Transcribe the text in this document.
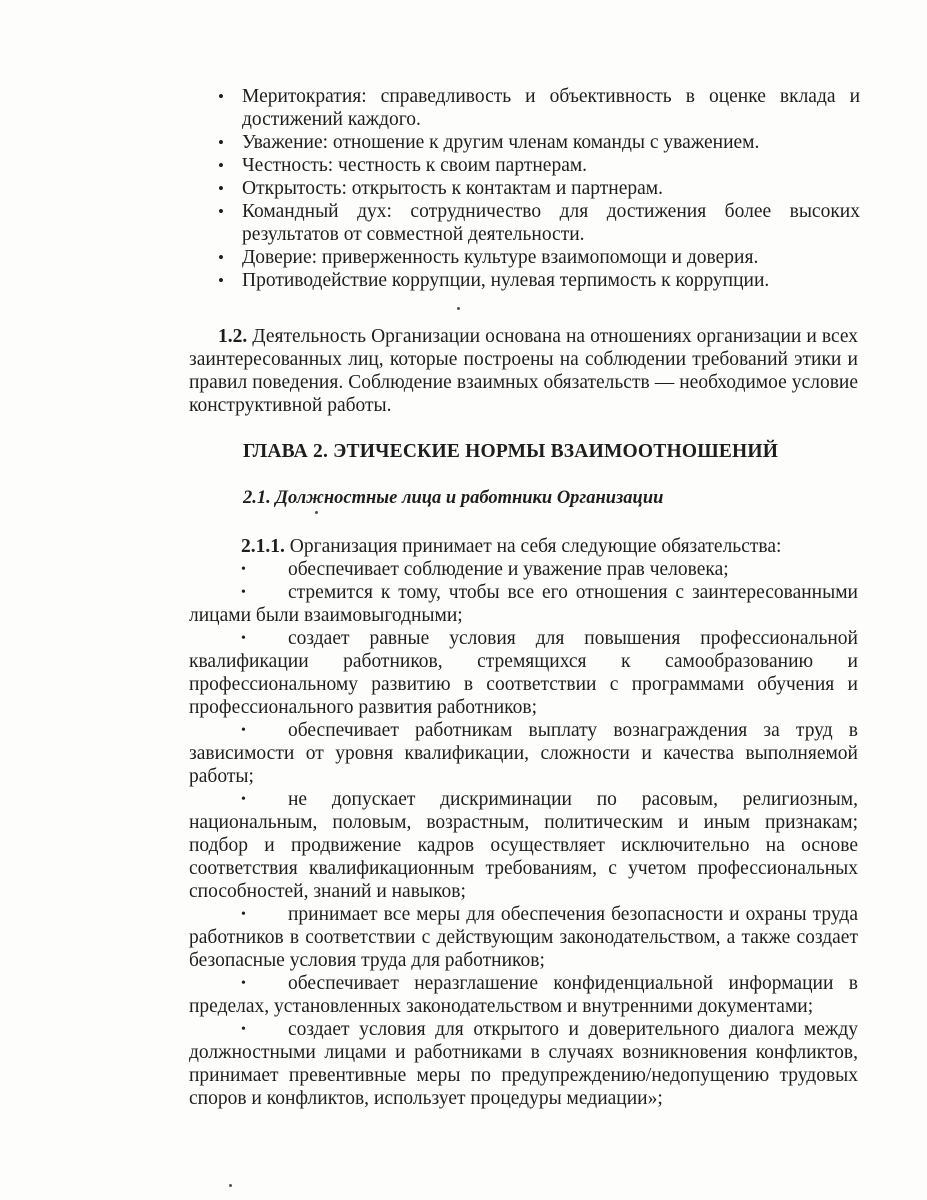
• Меритократия: справедливость и объективность в оценке вклада и достижений каждого.
• Уважение: отношение к другим членам команды с уважением.
• Честность: честность к своим партнерам.
• Открытость: открытость к контактам и партнерам.
• Командный дух: сотрудничество для достижения более высоких результатов от совместной деятельности.
• Доверие: приверженность культуре взаимопомощи и доверия.
• Противодействие коррупции, нулевая терпимость к коррупции.
1.2. Деятельность Организации основана на отношениях организации и всех заинтересованных лиц, которые построены на соблюдении требований этики и правил поведения. Соблюдение взаимных обязательств — необходимое условие конструктивной работы.
ГЛАВА 2. ЭТИЧЕСКИЕ НОРМЫ ВЗАИМООТНОШЕНИЙ
2.1. Должностные лица и работники Организации

2.1.1. Организация принимает на себя следующие обязательства:

• обеспечивает соблюдение и уважение прав человека;

• стремится к тому, чтобы все его отношения с заинтересованными лицами были взаимовыгодными;

• создает равные условия для повышения профессиональной квалификации работников, стремящихся к самообразованию и профессиональному развитию в соответствии с программами обучения и профессионального развития работников;

• обеспечивает работникам выплату вознаграждения за труд в зависимости от уровня квалификации, сложности и качества выполняемой работы;

• не допускает дискриминации по расовым, религиозным, национальным, половым, возрастным, политическим и иным признакам; подбор и продвижение кадров осуществляет исключительно на основе соответствия квалификационным требованиям, с учетом профессиональных способностей, знаний и навыков;

• принимает все меры для обеспечения безопасности и охраны труда работников в соответствии с действующим законодательством, а также создает безопасные условия труда для работников;

• обеспечивает неразглашение конфиденциальной информации в пределах, установленных законодательством и внутренними документами;

• создает условия для открытого и доверительного диалога между должностными лицами и работниками в случаях возникновения конфликтов, принимает превентивные меры по предупреждению/недопущению трудовых споров и конфликтов, использует процедуры медиации»;
